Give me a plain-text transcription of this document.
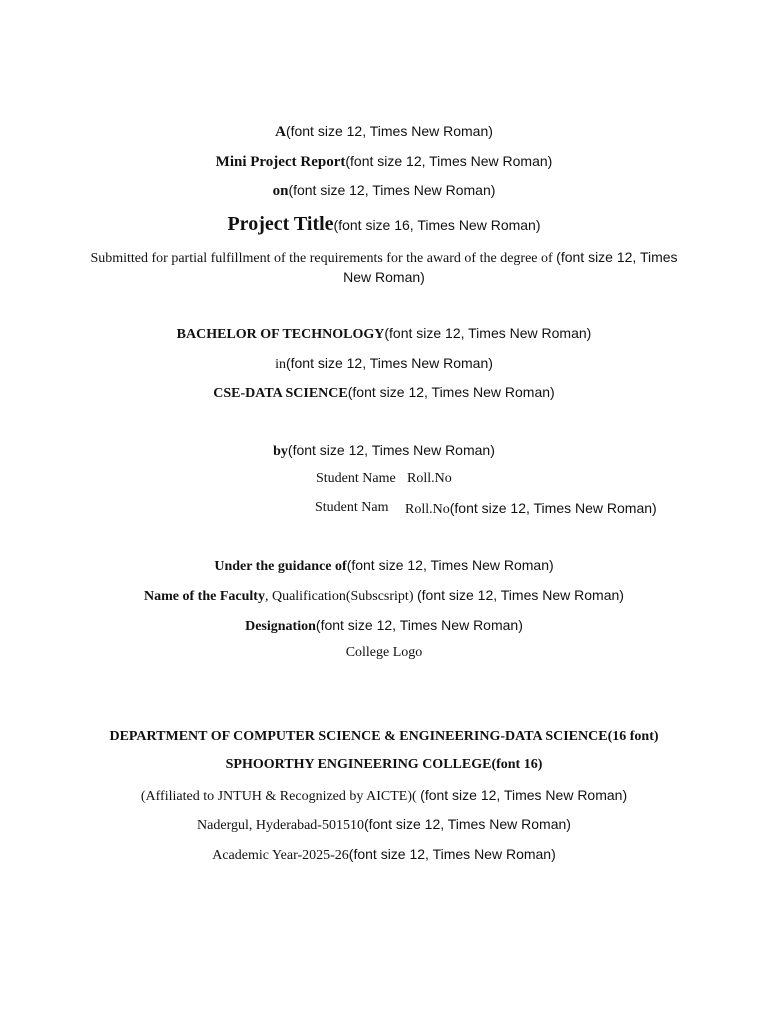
A(font size 12, Times New Roman)
Mini Project Report(font size 12, Times New Roman)
on(font size 12, Times New Roman)
Project Title(font size 16, Times New Roman)
Submitted for partial fulfillment of the requirements for the award of the degree of (font size 12, Times New Roman)
BACHELOR OF TECHNOLOGY(font size 12, Times New Roman)
in(font size 12, Times New Roman)
CSE-DATA SCIENCE(font size 12, Times New Roman)
by(font size 12, Times New Roman)
Student Name Roll.No
Student Nam Roll.No(font size 12, Times New Roman)
Under the guidance of(font size 12, Times New Roman)
Name of the Faculty, Qualification(Subscsript) (font size 12, Times New Roman)
Designation(font size 12, Times New Roman)
College Logo
DEPARTMENT OF COMPUTER SCIENCE & ENGINEERING-DATA SCIENCE(16 font)
SPHOORTHY ENGINEERING COLLEGE(font 16)
(Affiliated to JNTUH & Recognized by AICTE)( (font size 12, Times New Roman)
Nadergul, Hyderabad-501510(font size 12, Times New Roman)
Academic Year-2025-26(font size 12, Times New Roman)
